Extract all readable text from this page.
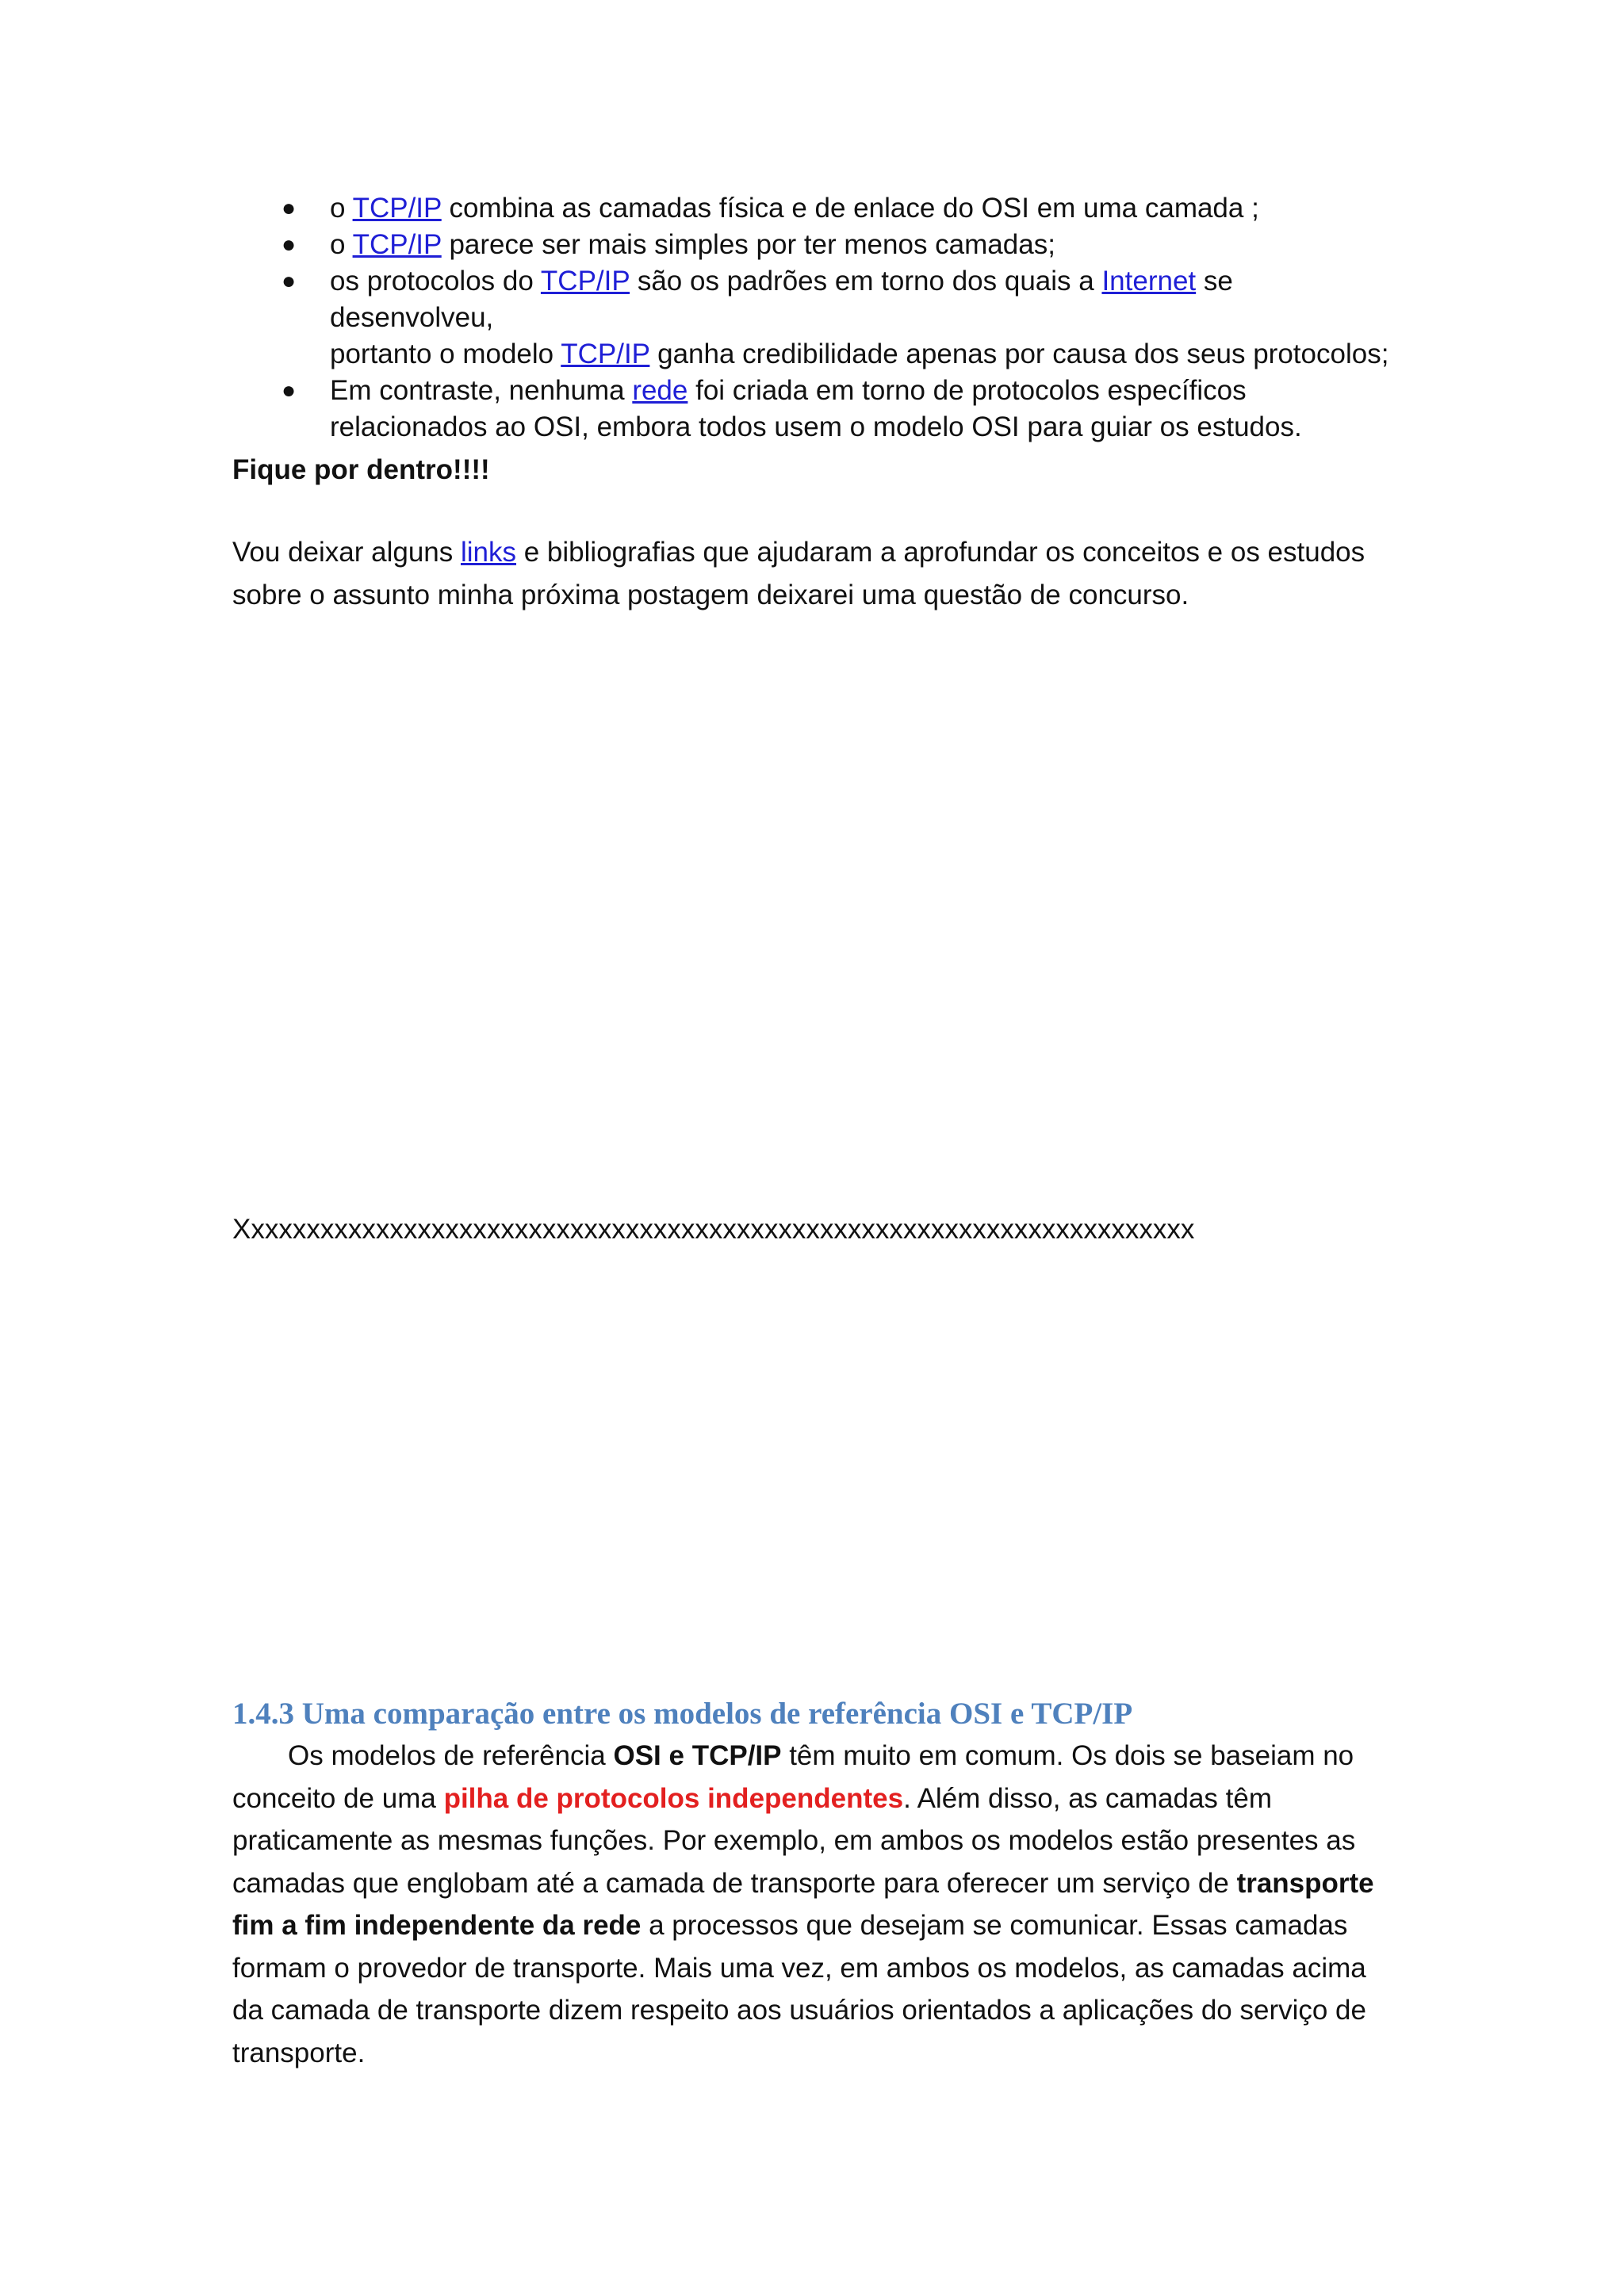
● o TCP/IP combina as camadas física e de enlace do OSI em uma camada ;
● o TCP/IP parece ser mais simples por ter menos camadas;
● os protocolos do TCP/IP são os padrões em torno dos quais a Internet se desenvolveu,
portanto o modelo TCP/IP ganha credibilidade apenas por causa dos seus protocolos;
● Em contraste, nenhuma rede foi criada em torno de protocolos específicos
relacionados ao OSI, embora todos usem o modelo OSI para guiar os estudos.
Fique por dentro!!!!
Vou deixar alguns links e bibliografias que ajudaram a aprofundar os conceitos e os estudos
sobre o assunto minha próxima postagem deixarei uma questão de concurso.
Xxxxxxxxxxxxxxxxxxxxxxxxxxxxxxxxxxxxxxxxxxxxxxxxxxxxxxxxxxxxxxxxxxxxx
1.4.3 Uma comparação entre os modelos de referência OSI e TCP/IP

Os modelos de referência OSI e TCP/IP têm muito em comum. Os dois se baseiam no conceito de uma pilha de protocolos independentes. Além disso, as camadas têm praticamente as mesmas funções. Por exemplo, em ambos os modelos estão presentes as camadas que englobam até a camada de transporte para oferecer um serviço de transporte fim a fim independente da rede a processos que desejam se comunicar. Essas camadas formam o provedor de transporte. Mais uma vez, em ambos os modelos, as camadas acima da camada de transporte dizem respeito aos usuários orientados a aplicações do serviço de transporte.
